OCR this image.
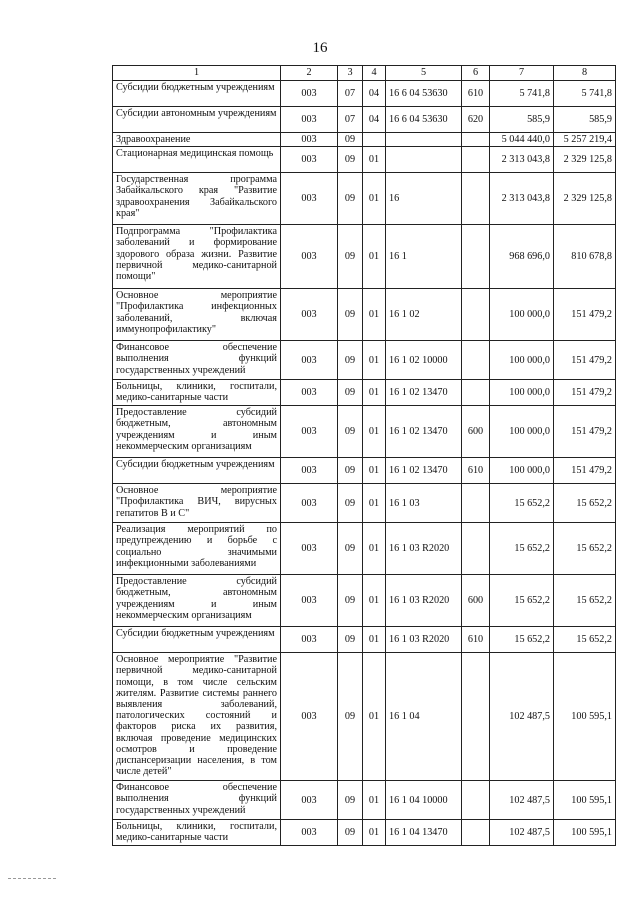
16
1	2	3	4	5	6	7	8
Субсидии бюджетным учреждениям	003	07	04	16 6 04 53630	610	5 741,8	5 741,8
Субсидии автономным учреждениям	003	07	04	16 6 04 53630	620	585,9	585,9
Здравоохранение	003	09				5 044 440,0	5 257 219,4
Стационарная медицинская помощь	003	09	01			2 313 043,8	2 329 125,8
Государственная программа Забайкальского края "Развитие здравоохранения Забайкальского края"	003	09	01	16		2 313 043,8	2 329 125,8
Подпрограмма "Профилактика заболеваний и формирование здорового образа жизни. Развитие первичной медико-санитарной помощи"	003	09	01	16 1		968 696,0	810 678,8
Основное мероприятие "Профилактика инфекционных заболеваний, включая иммунопрофилактику"	003	09	01	16 1 02		100 000,0	151 479,2
Финансовое обеспечение выполнения функций государственных учреждений	003	09	01	16 1 02 10000		100 000,0	151 479,2
Больницы, клиники, госпитали, медико-санитарные части	003	09	01	16 1 02 13470		100 000,0	151 479,2
Предоставление субсидий бюджетным, автономным учреждениям и иным некоммерческим организациям	003	09	01	16 1 02 13470	600	100 000,0	151 479,2
Субсидии бюджетным учреждениям	003	09	01	16 1 02 13470	610	100 000,0	151 479,2
Основное мероприятие "Профилактика ВИЧ, вирусных гепатитов В и С"	003	09	01	16 1 03		15 652,2	15 652,2
Реализация мероприятий по предупреждению и борьбе с социально значимыми инфекционными заболеваниями	003	09	01	16 1 03 R2020		15 652,2	15 652,2
Предоставление субсидий бюджетным, автономным учреждениям и иным некоммерческим организациям	003	09	01	16 1 03 R2020	600	15 652,2	15 652,2
Субсидии бюджетным учреждениям	003	09	01	16 1 03 R2020	610	15 652,2	15 652,2
Основное мероприятие "Развитие первичной медико-санитарной помощи, в том числе сельским жителям. Развитие системы раннего выявления заболеваний, патологических состояний и факторов риска их развития, включая проведение медицинских осмотров и проведение диспансеризации населения, в том числе детей"	003	09	01	16 1 04		102 487,5	100 595,1
Финансовое обеспечение выполнения функций государственных учреждений	003	09	01	16 1 04 10000		102 487,5	100 595,1
Больницы, клиники, госпитали, медико-санитарные части	003	09	01	16 1 04 13470		102 487,5	100 595,1
